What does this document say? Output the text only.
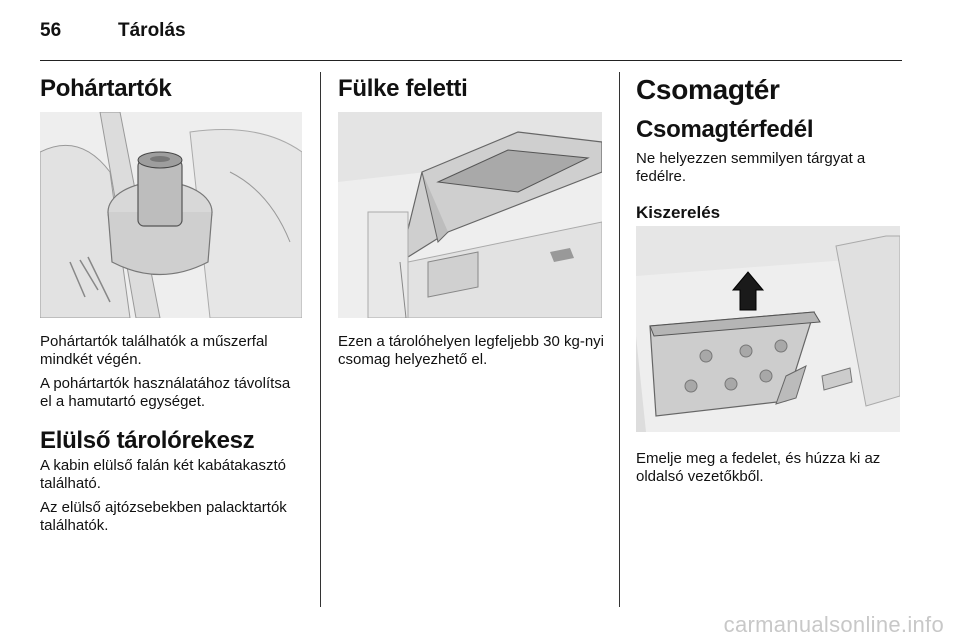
56	Tárolás
Pohártartók

Pohártartók találhatók a műszerfal mindkét végén.

A pohártartók használatához távolítsa el a hamutartó egységet.

Elülső tárolórekesz

A kabin elülső falán két kabátakasztó található.

Az elülső ajtózsebekben palacktartók találhatók.

Fülke feletti

Ezen a tárolóhelyen legfeljebb 30 kg-nyi csomag helyezhető el.

Csomagtér
Csomagtérfedél

Ne helyezzen semmilyen tárgyat a fedélre.

Kiszerelés

Emelje meg a fedelet, és húzza ki az oldalsó vezetőkből.

carmanualsonline.info
